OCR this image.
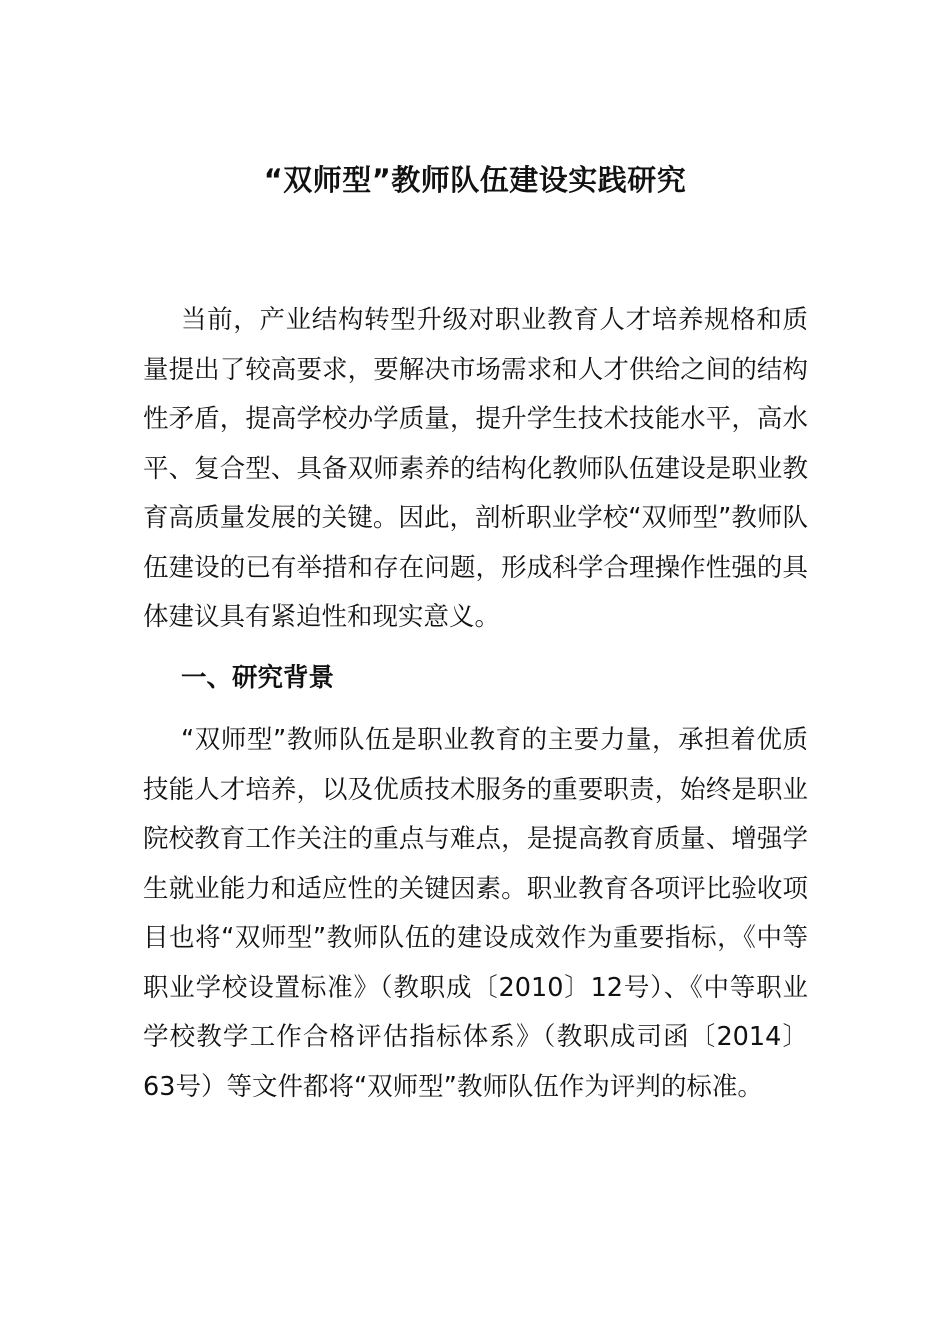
“双师型”教师队伍建设实践研究
当前，产业结构转型升级对职业教育人才培养规格和质量提出了较高要求，要解决市场需求和人才供给之间的结构性矛盾，提高学校办学质量，提升学生技术技能水平，高水平、复合型、具备双师素养的结构化教师队伍建设是职业教育高质量发展的关键。因此，剖析职业学校“双师型”教师队伍建设的已有举措和存在问题，形成科学合理操作性强的具体建议具有紧迫性和现实意义。
一、研究背景
“双师型”教师队伍是职业教育的主要力量，承担着优质技能人才培养，以及优质技术服务的重要职责，始终是职业院校教育工作关注的重点与难点，是提高教育质量、增强学生就业能力和适应性的关键因素。职业教育各项评比验收项目也将“双师型”教师队伍的建设成效作为重要指标，《中等职业学校设置标准》（教职成〔2010〕12号）、《中等职业学校教学工作合格评估指标体系》（教职成司函〔2014〕63号）等文件都将“双师型”教师队伍作为评判的标准。
